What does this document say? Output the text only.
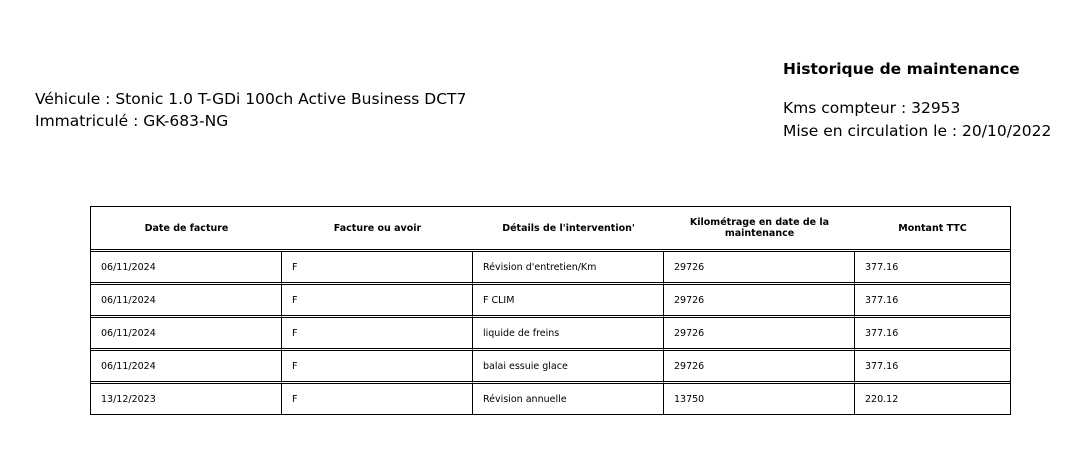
Véhicule : Stonic 1.0 T-GDi 100ch Active Business DCT7
Immatriculé : GK-683-NG
Historique de maintenance
Kms compteur : 32953
Mise en circulation le : 20/10/2022
Date de facture	Facture ou avoir	Détails de l'intervention'	Kilométrage en date de la maintenance	Montant TTC
06/11/2024	F	Révision d'entretien/Km	29726	377.16
06/11/2024	F	F CLIM	29726	377.16
06/11/2024	F	liquide de freins	29726	377.16
06/11/2024	F	balai essuie glace	29726	377.16
13/12/2023	F	Révision annuelle	13750	220.12
